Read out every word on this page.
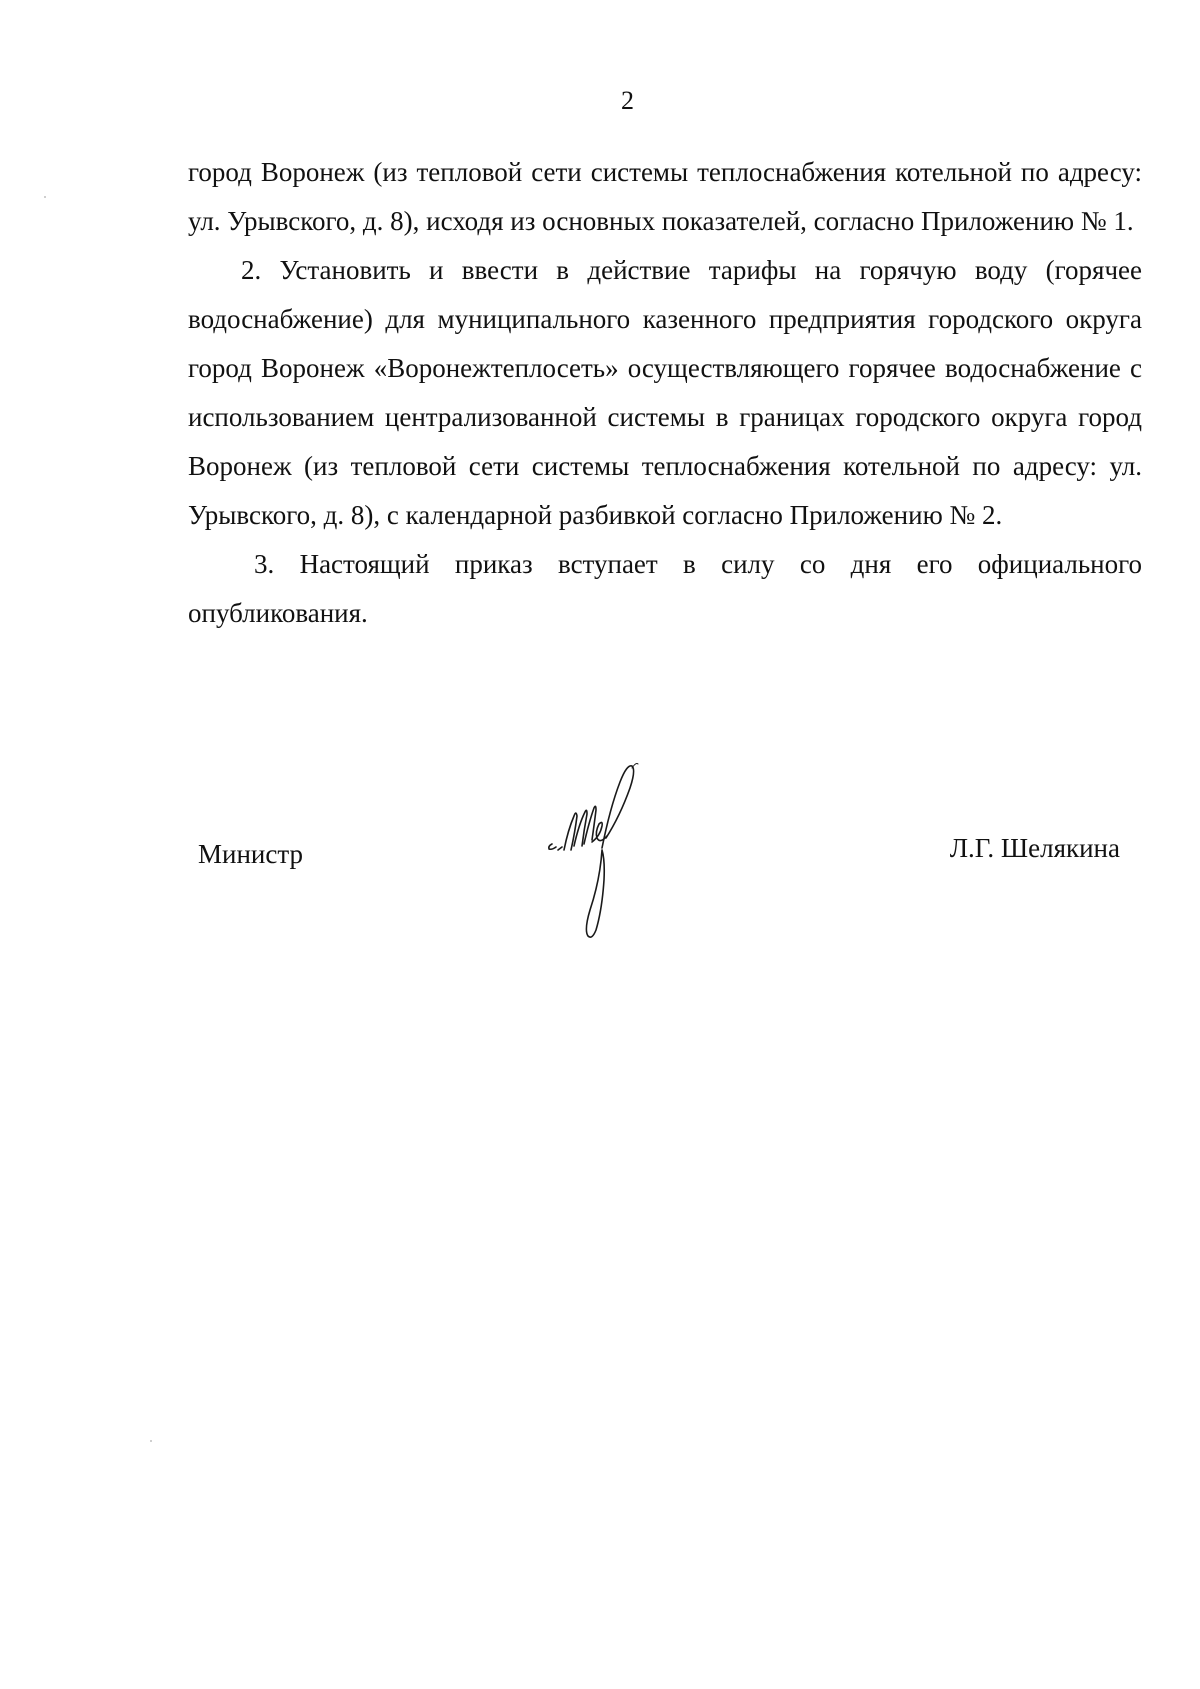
2

город Воронеж (из тепловой сети системы теплоснабжения котельной по адресу: ул. Урывского, д. 8), исходя из основных показателей, согласно Приложению № 1.

2. Установить и ввести в действие тарифы на горячую воду (горячее водоснабжение) для муниципального казенного предприятия городского округа город Воронеж «Воронежтеплосеть» осуществляющего горячее водоснабжение с использованием централизованной системы в границах городского округа город Воронеж (из тепловой сети системы теплоснабжения котельной по адресу: ул. Урывского, д. 8), с календарной разбивкой согласно Приложению № 2.

3. Настоящий приказ вступает в силу со дня его официального опубликования.

Министр	Л.Г. Шелякина
